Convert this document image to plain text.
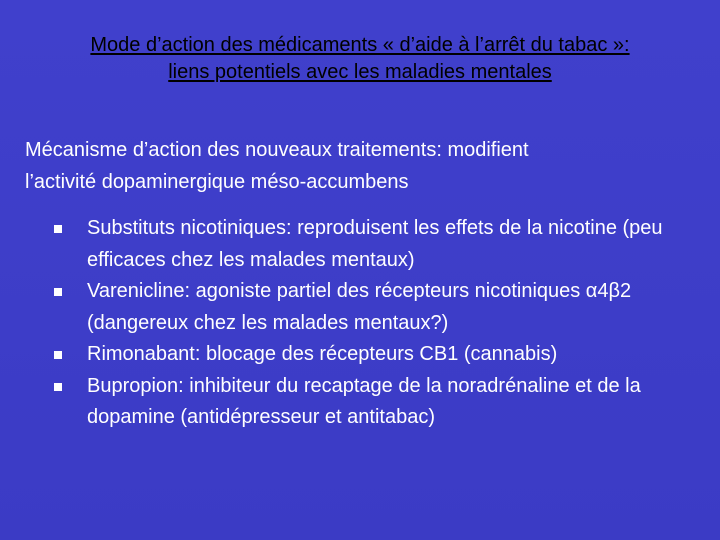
Mode d’action des médicaments « d’aide à l’arrêt du tabac »:
liens potentiels avec les maladies mentales
Mécanisme d’action des nouveaux traitements: modifient
l’activité dopaminergique méso-accumbens
Substituts nicotiniques: reproduisent les effets de la nicotine (peu efficaces chez les malades mentaux)
Varenicline: agoniste partiel des récepteurs nicotiniques α4β2 (dangereux chez les malades mentaux?)
Rimonabant: blocage des récepteurs CB1 (cannabis)
Bupropion: inhibiteur du recaptage de la noradrénaline et de la dopamine (antidépresseur et antitabac)
